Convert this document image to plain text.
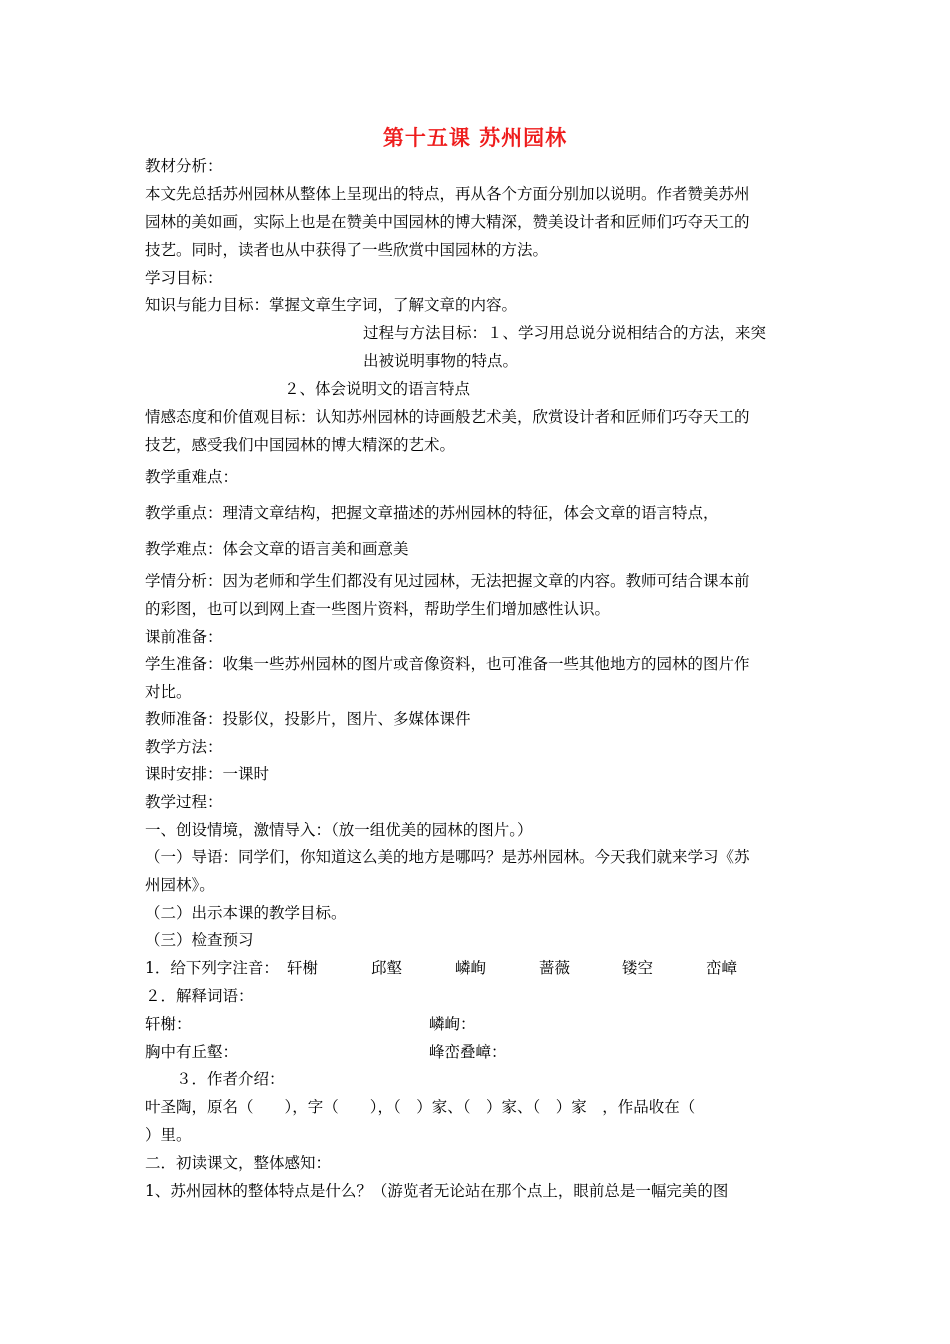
第十五课 苏州园林
教材分析：
本文先总括苏州园林从整体上呈现出的特点，再从各个方面分别加以说明。作者赞美苏州
园林的美如画，实际上也是在赞美中国园林的博大精深，赞美设计者和匠师们巧夺天工的
技艺。同时，读者也从中获得了一些欣赏中国园林的方法。
学习目标：
知识与能力目标：掌握文章生字词，了解文章的内容。
过程与方法目标：１、学习用总说分说相结合的方法，来突
出被说明事物的特点。
２、体会说明文的语言特点
情感态度和价值观目标：认知苏州园林的诗画般艺术美，欣赏设计者和匠师们巧夺天工的
技艺，感受我们中国园林的博大精深的艺术。
教学重难点：
教学重点：理清文章结构，把握文章描述的苏州园林的特征，体会文章的语言特点，
教学难点：体会文章的语言美和画意美
学情分析：因为老师和学生们都没有见过园林，无法把握文章的内容。教师可结合课本前
的彩图，也可以到网上查一些图片资料，帮助学生们增加感性认识。
课前准备：
学生准备：收集一些苏州园林的图片或音像资料，也可准备一些其他地方的园林的图片作
对比。
教师准备：投影仪，投影片，图片、多媒体课件
教学方法：
课时安排：一课时
教学过程：
一、创设情境，激情导入：（放一组优美的园林的图片。）
（一）导语：同学们，你知道这么美的地方是哪吗？是苏州园林。今天我们就来学习《苏
州园林》。
（二）出示本课的教学目标。
（三）检查预习
1．给下列字注音： 轩榭	邱壑	嶙峋	蔷薇	镂空	峦嶂
２．解释词语：
轩榭：	嶙峋：
胸中有丘壑：	峰峦叠嶂：
３．作者介绍：
叶圣陶，原名（　　），字（　　），（　）家、（　）家、（　）家　，作品收在（
）里。
二．初读课文，整体感知：
1、苏州园林的整体特点是什么？（游览者无论站在那个点上，眼前总是一幅完美的图
